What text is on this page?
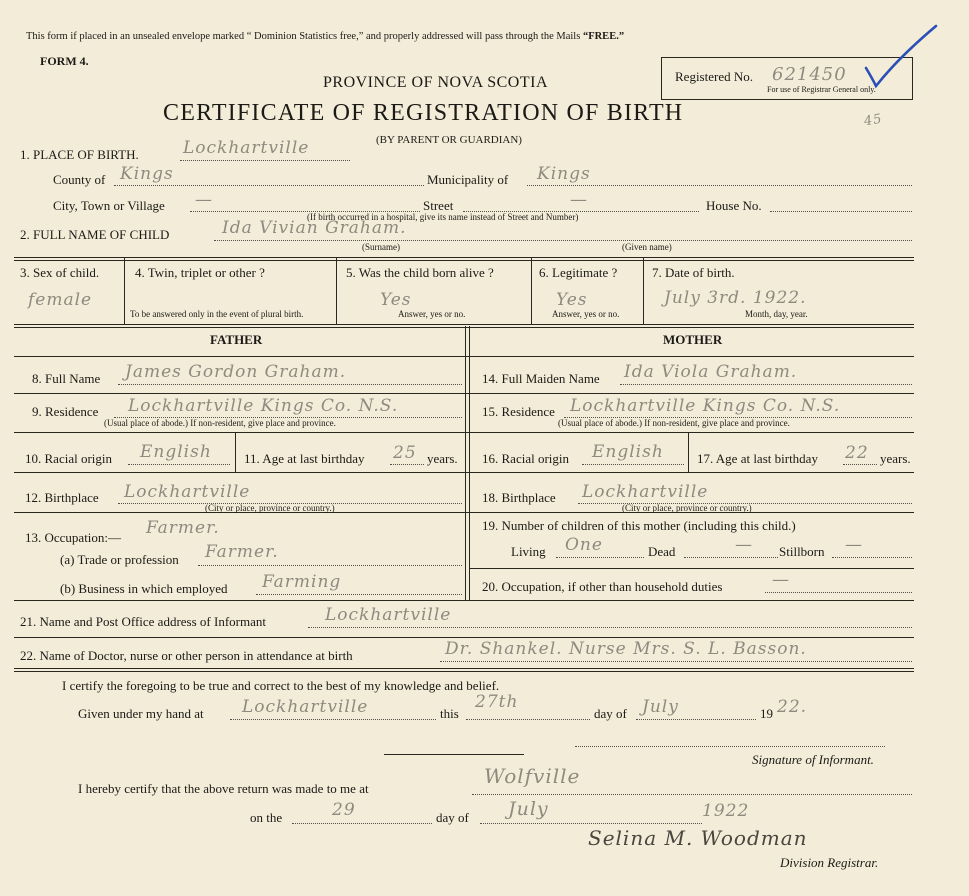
This form if placed in an unsealed envelope marked “ Dominion Statistics free,” and properly addressed will pass through the Mails “FREE.”
FORM 4.
PROVINCE OF NOVA SCOTIA
CERTIFICATE OF REGISTRATION OF BIRTH
(BY PARENT OR GUARDIAN)
Registered No. 621450
For use of Registrar General only.
45
1. PLACE OF BIRTH.	Lockhartville
County of Kings	Municipality of Kings
City, Town or Village —	Street	—	House No.
(If birth occurred in a hospital, give its name instead of Street and Number)
2. FULL NAME OF CHILD	Ida Vivian Graham.
(Surname)	(Given name)
3. Sex of child.
female
4. Twin, triplet or other ?
To be answered only in the event of plural birth.
5. Was the child born alive ?
Yes
Answer, yes or no.
6. Legitimate ?
Yes
Answer, yes or no.
7. Date of birth.
July 3rd. 1922.
Month, day, year.
FATHER	MOTHER
8. Full Name James Gordon Graham.
9. Residence Lockhartville Kings Co. N.S.
(Usual place of abode.) If non-resident, give place and province.
10. Racial origin English 11. Age at last birthday 25 years.
12. Birthplace Lockhartville
(City or place, province or country.)
13. Occupation:— Farmer.
(a) Trade or profession Farmer.
(b) Business in which employed Farming
14. Full Maiden Name Ida Viola Graham.
15. Residence Lockhartville Kings Co. N.S.
(Usual place of abode.) If non-resident, give place and province.
16. Racial origin English	17. Age at last birthday 22 years.
18. Birthplace Lockhartville
(City or place, province or country.)
19. Number of children of this mother (including this child.)
Living One	Dead	— Stillborn —
20. Occupation, if other than household duties	—
21. Name and Post Office address of Informant	Lockhartville
22. Name of Doctor, nurse or other person in attendance at birth	Dr. Shankel. Nurse Mrs. S. L. Basson.
I certify the foregoing to be true and correct to the best of my knowledge and belief.
Given under my hand at Lockhartville	this
27th
day of July	19 22.
Signature of Informant.
I hereby certify that the above return was made to me at
Wolfville
on the	29	day of July	1922
Selina M. Woodman
Division Registrar.
